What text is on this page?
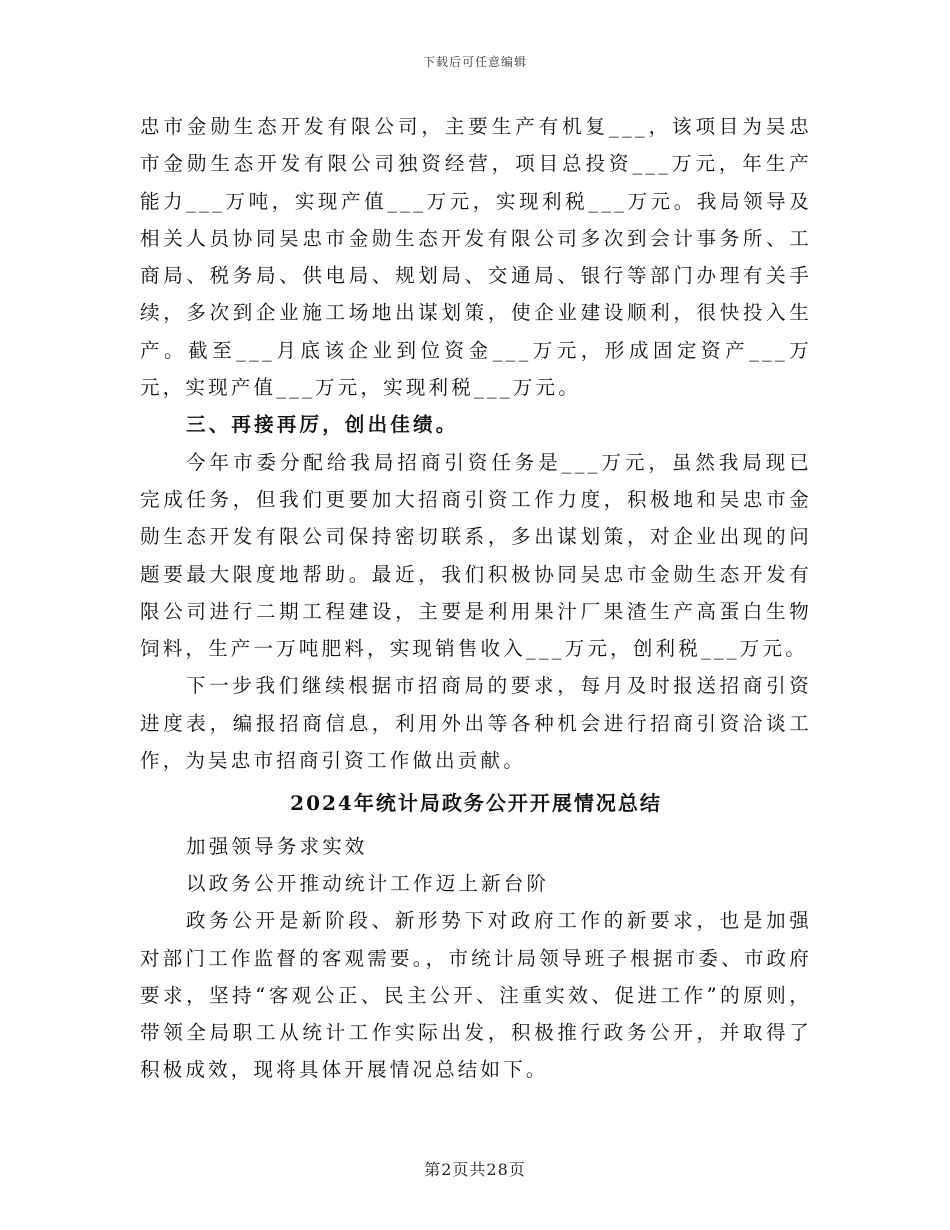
下载后可任意编辑

忠市金勋生态开发有限公司，主要生产有机复___，该项目为吴忠市金勋生态开发有限公司独资经营，项目总投资___万元，年生产能力___万吨，实现产值___万元，实现利税___万元。我局领导及相关人员协同吴忠市金勋生态开发有限公司多次到会计事务所、工商局、税务局、供电局、规划局、交通局、银行等部门办理有关手续，多次到企业施工场地出谋划策，使企业建设顺利，很快投入生产。截至___月底该企业到位资金___万元，形成固定资产___万元，实现产值___万元，实现利税___万元。

三、再接再厉，创出佳绩。

今年市委分配给我局招商引资任务是___万元，虽然我局现已完成任务，但我们更要加大招商引资工作力度，积极地和吴忠市金勋生态开发有限公司保持密切联系，多出谋划策，对企业出现的问题要最大限度地帮助。最近，我们积极协同吴忠市金勋生态开发有限公司进行二期工程建设，主要是利用果汁厂果渣生产高蛋白生物饲料，生产一万吨肥料，实现销售收入___万元，创利税___万元。

下一步我们继续根据市招商局的要求，每月及时报送招商引资进度表，编报招商信息，利用外出等各种机会进行招商引资洽谈工作，为吴忠市招商引资工作做出贡献。

2024年统计局政务公开开展情况总结

加强领导务求实效

以政务公开推动统计工作迈上新台阶

政务公开是新阶段、新形势下对政府工作的新要求，也是加强对部门工作监督的客观需要。，市统计局领导班子根据市委、市政府要求，坚持“客观公正、民主公开、注重实效、促进工作”的原则，带领全局职工从统计工作实际出发，积极推行政务公开，并取得了积极成效，现将具体开展情况总结如下。

第2页共28页
